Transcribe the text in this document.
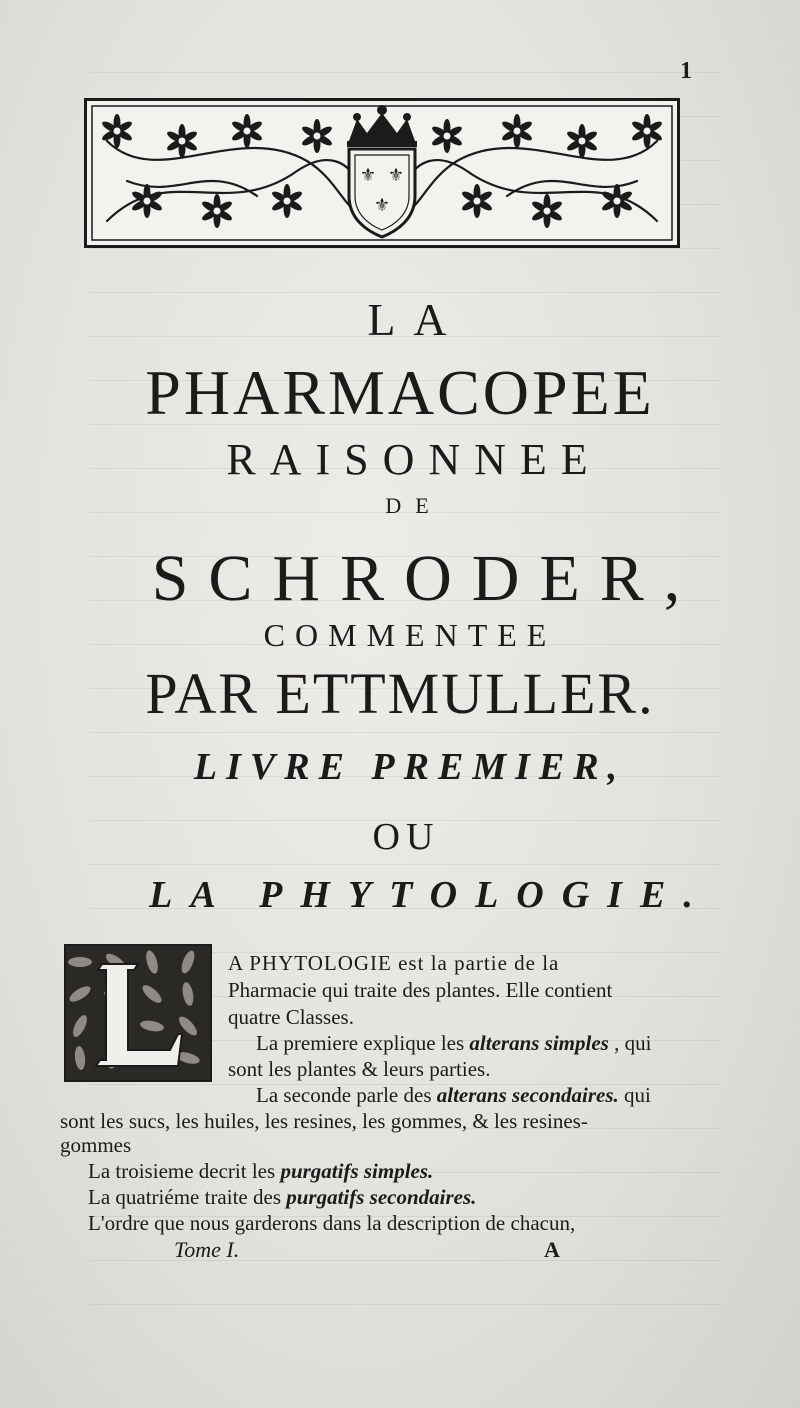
1
⚜ ⚜
⚜
LA
PHARMACOPEE
RAISONNEE
DE
SCHRODER,
COMMENTEE
PAR ETTMULLER.
LIVRE PREMIER,
OU
LA PHYTOLOGIE.
A PHYTOLOGIE est la partie de la
Pharmacie qui traite des plantes. Elle contient
quatre Classes.
La premiere explique les alterans simples , qui
sont les plantes & leurs parties.
La seconde parle des alterans secondaires. qui
sont les sucs, les huiles, les resines, les gommes, & les resines-
gommes
La troisieme decrit les purgatifs simples.
La quatriéme traite des purgatifs secondaires.
L'ordre que nous garderons dans la description de chacun,
Tome I.	A
